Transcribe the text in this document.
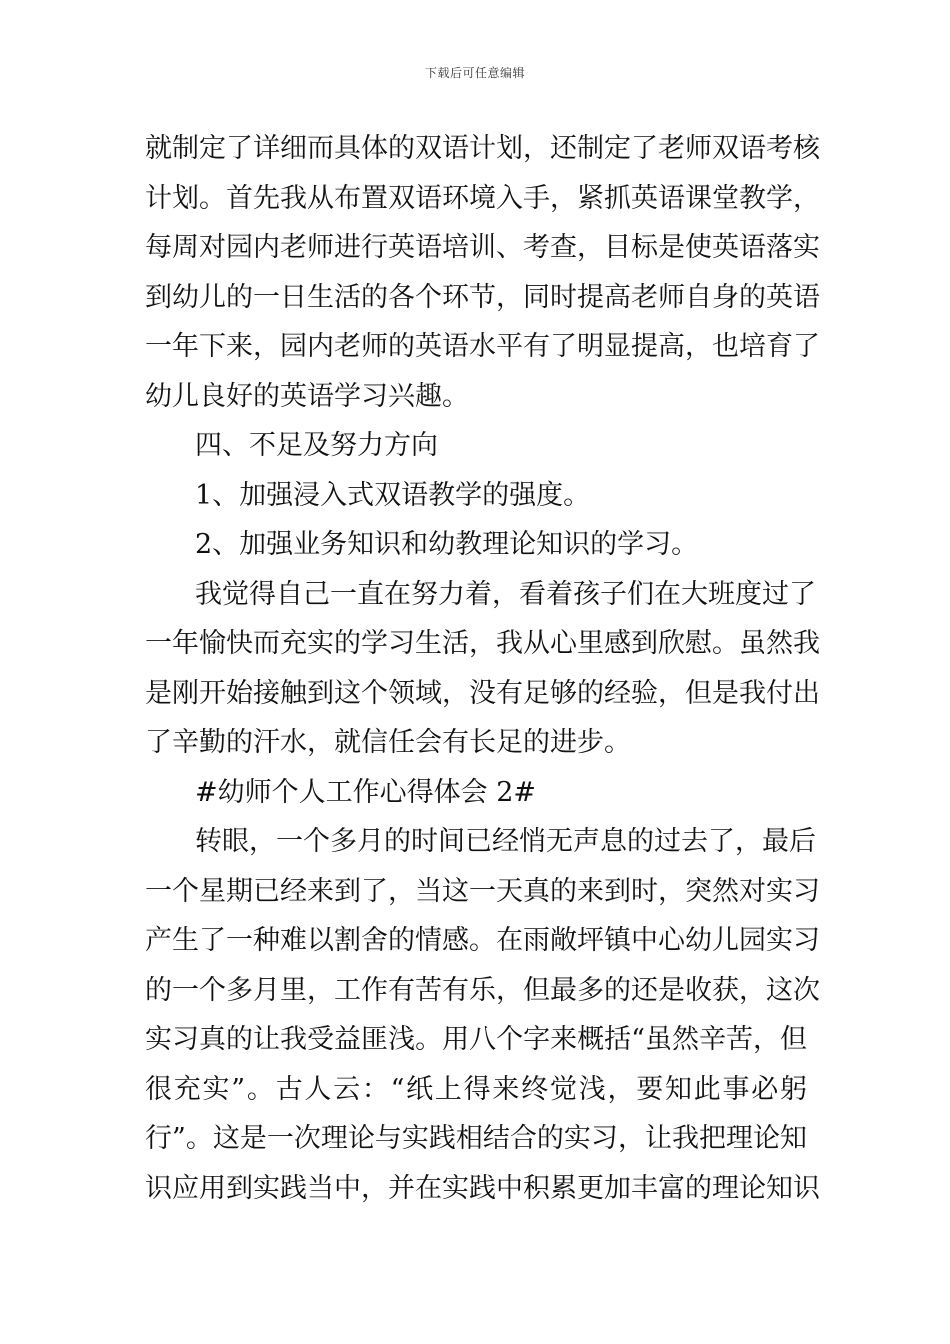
下载后可任意编辑
就制定了详细而具体的双语计划，还制定了老师双语考核
计划。首先我从布置双语环境入手，紧抓英语课堂教学，
每周对园内老师进行英语培训、考查，目标是使英语落实
到幼儿的一日生活的各个环节，同时提高老师自身的英语
一年下来，园内老师的英语水平有了明显提高，也培育了
幼儿良好的英语学习兴趣。
四、不足及努力方向
1、加强浸入式双语教学的强度。
2、加强业务知识和幼教理论知识的学习。
我觉得自己一直在努力着，看着孩子们在大班度过了
一年愉快而充实的学习生活，我从心里感到欣慰。虽然我
是刚开始接触到这个领域，没有足够的经验，但是我付出
了辛勤的汗水，就信任会有长足的进步。
#幼师个人工作心得体会 2#
转眼，一个多月的时间已经悄无声息的过去了，最后
一个星期已经来到了，当这一天真的来到时，突然对实习
产生了一种难以割舍的情感。在雨敞坪镇中心幼儿园实习
的一个多月里，工作有苦有乐，但最多的还是收获，这次
实习真的让我受益匪浅。用八个字来概括“虽然辛苦，但
很充实”。古人云：“纸上得来终觉浅，要知此事必躬
行”。这是一次理论与实践相结合的实习，让我把理论知
识应用到实践当中，并在实践中积累更加丰富的理论知识
